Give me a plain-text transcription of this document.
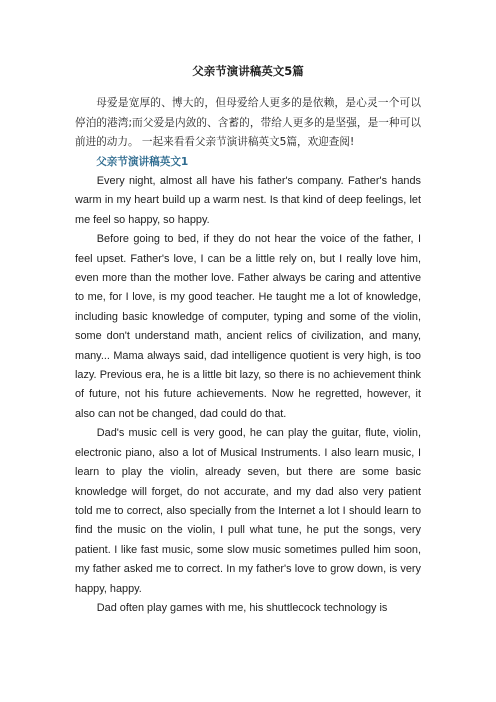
父亲节演讲稿英文5篇

母爱是宽厚的、博大的，但母爱给人更多的是依赖，是心灵一个可以停泊的港湾;而父爱是内敛的、含蓄的，带给人更多的是坚强，是一种可以前进的动力。 一起来看看父亲节演讲稿英文5篇，欢迎查阅!

父亲节演讲稿英文1

Every night, almost all have his father's company. Father's hands warm in my heart build up a warm nest. Is that kind of deep feelings, let me feel so happy, so happy.

Before going to bed, if they do not hear the voice of the father, I feel upset. Father's love, I can be a little rely on, but I really love him, even more than the mother love. Father always be caring and attentive to me, for I love, is my good teacher. He taught me a lot of knowledge, including basic knowledge of computer, typing and some of the violin, some don't understand math, ancient relics of civilization, and many, many... Mama always said, dad intelligence quotient is very high, is too lazy. Previous era, he is a little bit lazy, so there is no achievement think of future, not his future achievements. Now he regretted, however, it also can not be changed, dad could do that.

Dad's music cell is very good, he can play the guitar, flute, violin, electronic piano, also a lot of Musical Instruments. I also learn music, I learn to play the violin, already seven, but there are some basic knowledge will forget, do not accurate, and my dad also very patient told me to correct, also specially from the Internet a lot I should learn to find the music on the violin, I pull what tune, he put the songs, very patient. I like fast music, some slow music sometimes pulled him soon, my father asked me to correct. In my father's love to grow down, is very happy, happy.

Dad often play games with me, his shuttlecock technology is
